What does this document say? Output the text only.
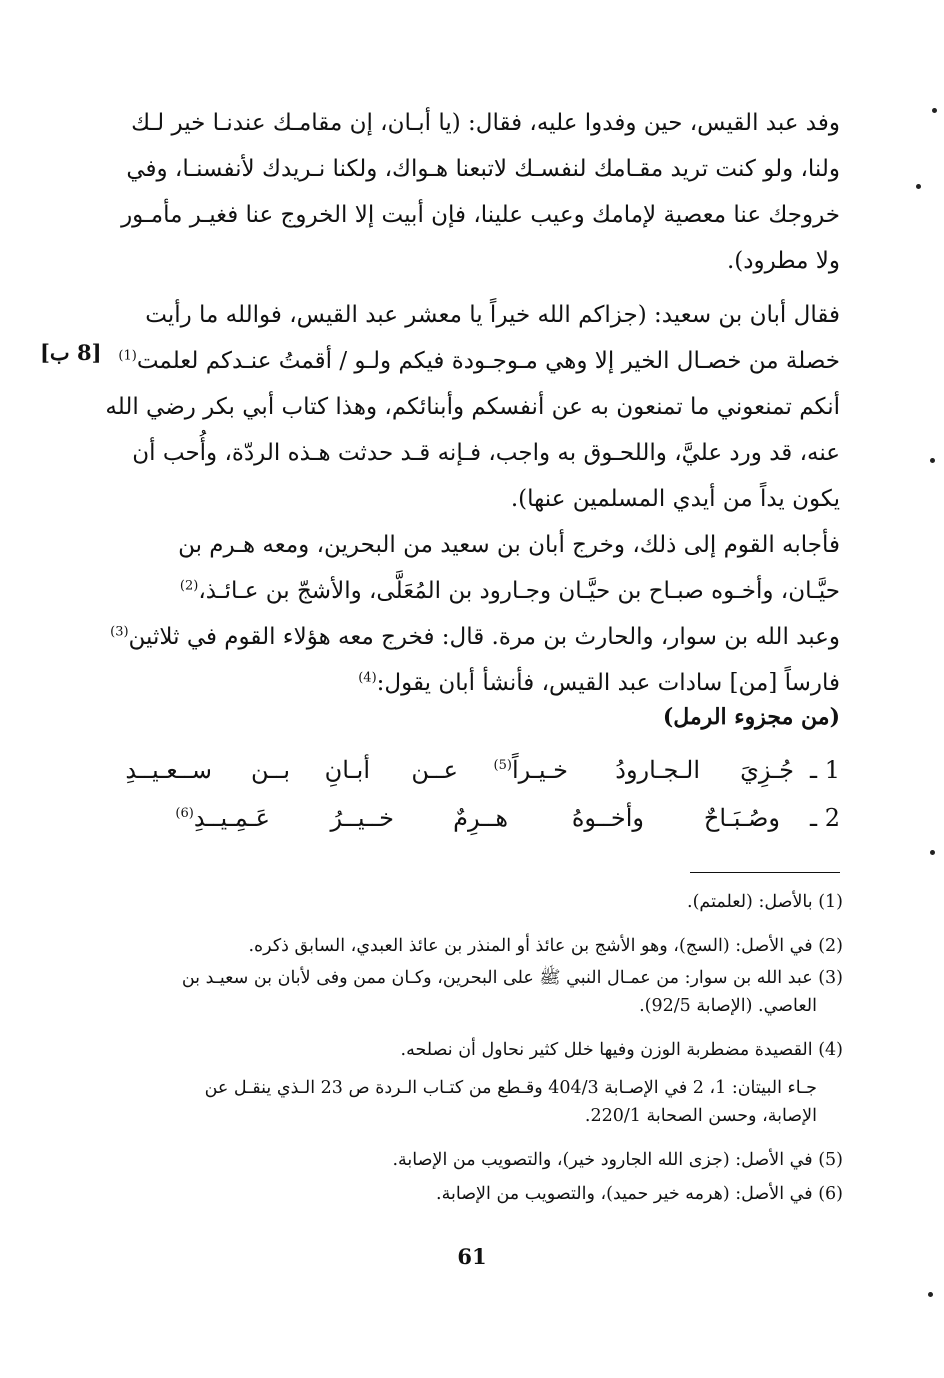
وفد عبد القيس، حين وفدوا عليه، فقال: (يا أبـان، إن مقامـك عندنـا خير لـك
ولنا، ولو كنت تريد مقـامك لنفسـك لاتبعنا هـواك، ولكنا نـريدك لأنفسنـا، وفي
خروجك عنا معصية لإمامك وعيب علينا، فإن أبيت إلا الخروج عنا فغيـر مأمـور
ولا مطرود).
فقال أبان بن سعيد: (جزاكم الله خيراً يا معشر عبد القيس، فوالله ما رأيت
خصلة من خصـال الخير إلا وهي مـوجـودة فيكم ولـو / أقمتُ عنـدكم لعلمت$^{(1)}$
أنكم تمنعوني ما تمنعون به عن أنفسكم وأبنائكم، وهذا كتاب أبي بكر رضي الله
عنه، قد ورد عليَّ، واللحـوق به واجب، فـإنه قـد حدثت هـذه الردّة، وأُحب أن
يكون يداً من أيدي المسلمين عنها).
[8 ب]
فأجابه القوم إلى ذلك، وخرج أبان بن سعيد من البحرين، ومعه هـرم بن
حيَّـان، وأخـوه صبـاح بن حيَّـان وجـارود بن المُعَلَّى، والأشجّ بن عـائـذ،$^{(2)}$
وعبد الله بن سوار، والحارث بن مرة. قال: فخرج معه هؤلاء القوم في ثلاثين$^{(3)}$
فارساً [من] سادات عبد القيس، فأنشأ أبان يقول:$^{(4)}$
(من مجزوء الرمل)
1 ـ
جُـزِيَ
الـجـارودُ
خـيـراً$^{(5)}$
عــن
أبـانِ
بــن
ســعـيــدِ
2 ـ
وصُـبَـاحٌ
وأخــوهُ
هــرِمٌ
خــيــرُ
عَـمِـيــدِ$^{(6)}$
(1) بالأصل: (لعلمتم).
(2) في الأصل: (السج)، وهو الأشج بن عائذ أو المنذر بن عائذ العبدي، السابق ذكره.
(3) عبد الله بن سوار: من عمـال النبي ﷺ على البحرين، وكـان ممن وفى لأبان بن سعيـد بن
العاصي. (الإصابة 92/5).
(4) القصيدة مضطربة الوزن وفيها خلل كثير نحاول أن نصلحه.
جـاء البيتان: 1، 2 في الإصـابة 404/3 وقـطع من كتـاب الـردة ص 23 الـذي ينقـل عن
الإصابة، وحسن الصحابة 220/1.
(5) في الأصل: (جزى الله الجارود خير)، والتصويب من الإصابة.
(6) في الأصل: (هرمه خير حميد)، والتصويب من الإصابة.
61
